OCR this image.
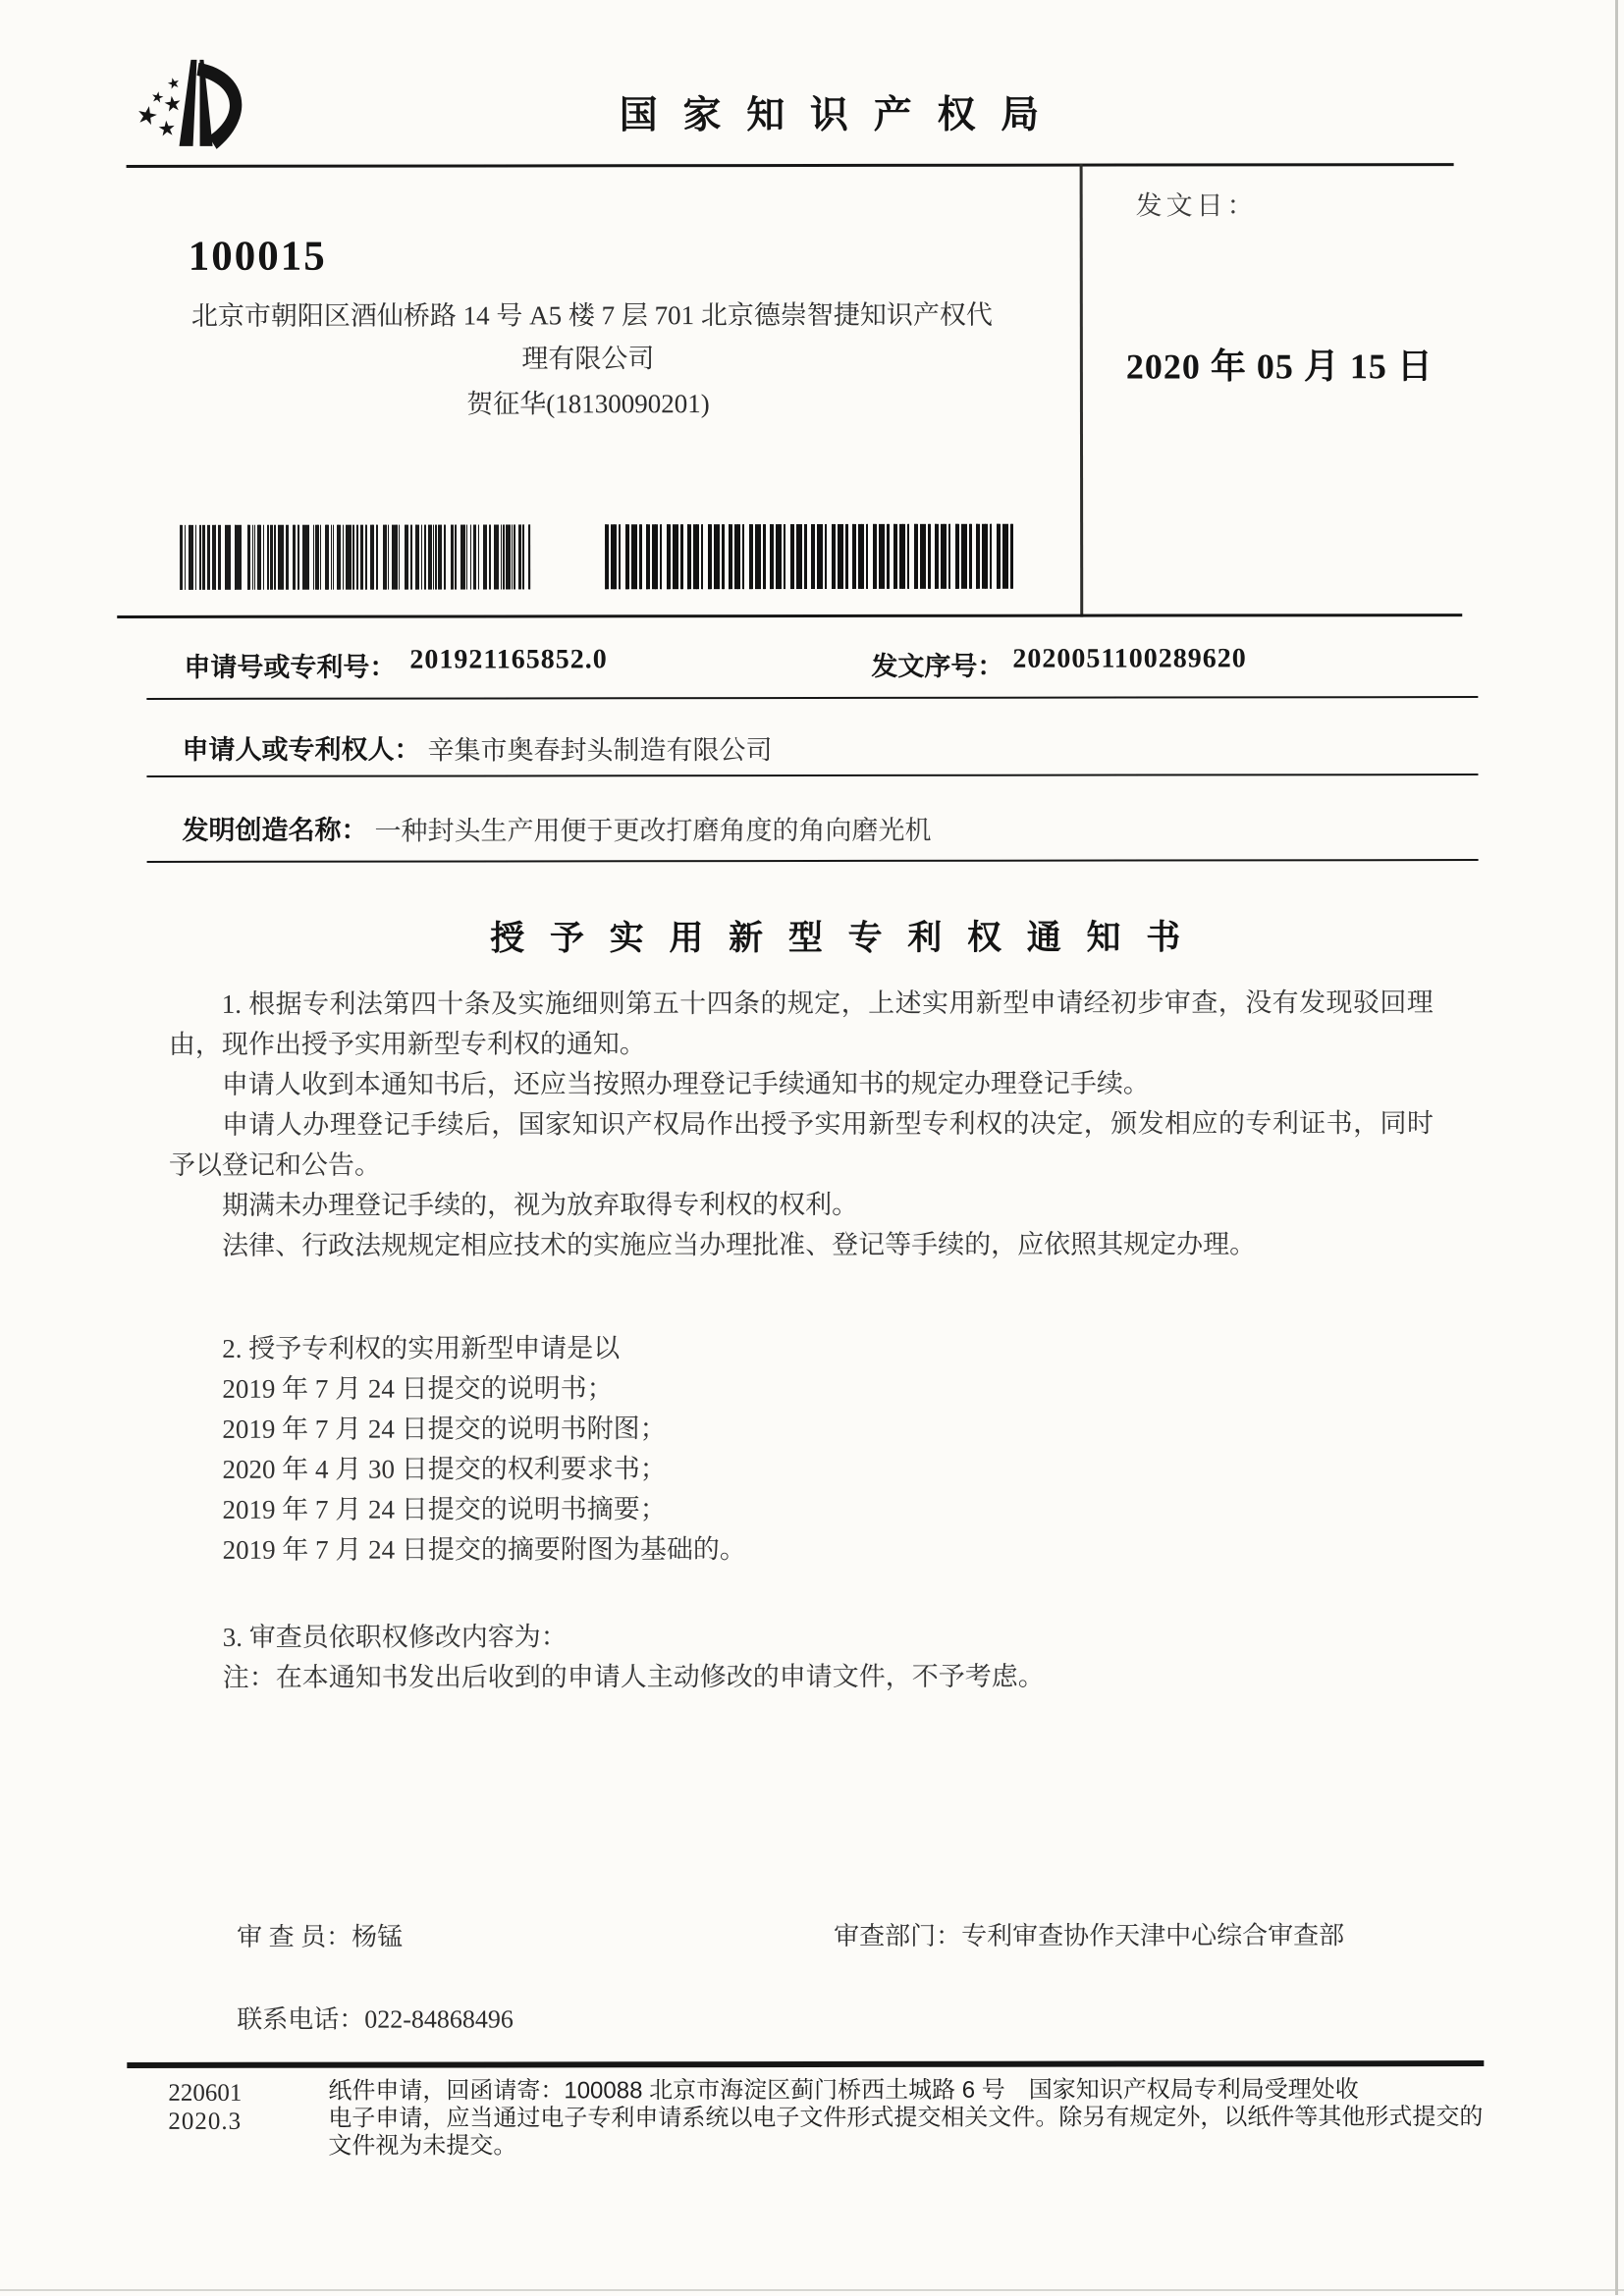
★
★
★
★
★	国 家 知 识 产 权 局
发文日：
2020 年 05 月 15 日
100015
北京市朝阳区酒仙桥路 14 号 A5 楼 7 层 701 北京德崇智捷知识产权代
理有限公司
贺征华(18130090201)
申请号或专利号： 201921165852.0	发文序号： 2020051100289620
申请人或专利权人： 辛集市奥春封头制造有限公司
发明创造名称： 一种封头生产用便于更改打磨角度的角向磨光机
授 予 实 用 新 型 专 利 权 通 知 书

1. 根据专利法第四十条及实施细则第五十四条的规定，上述实用新型申请经初步审查，没有发现驳回理由，现作出授予实用新型专利权的通知。

申请人收到本通知书后，还应当按照办理登记手续通知书的规定办理登记手续。

申请人办理登记手续后，国家知识产权局作出授予实用新型专利权的决定，颁发相应的专利证书，同时予以登记和公告。

期满未办理登记手续的，视为放弃取得专利权的权利。

法律、行政法规规定相应技术的实施应当办理批准、登记等手续的，应依照其规定办理。

2. 授予专利权的实用新型申请是以

2019 年 7 月 24 日提交的说明书；

2019 年 7 月 24 日提交的说明书附图；

2020 年 4 月 30 日提交的权利要求书；

2019 年 7 月 24 日提交的说明书摘要；

2019 年 7 月 24 日提交的摘要附图为基础的。

3. 审查员依职权修改内容为：

注：在本通知书发出后收到的申请人主动修改的申请文件，不予考虑。

审 查 员：杨锰	审查部门：专利审查协作天津中心综合审查部
联系电话：022-84868496
220601
2020.3
纸件申请，回函请寄：100088 北京市海淀区蓟门桥西土城路 6 号　国家知识产权局专利局受理处收
电子申请，应当通过电子专利申请系统以电子文件形式提交相关文件。除另有规定外，以纸件等其他形式提交的
文件视为未提交。
